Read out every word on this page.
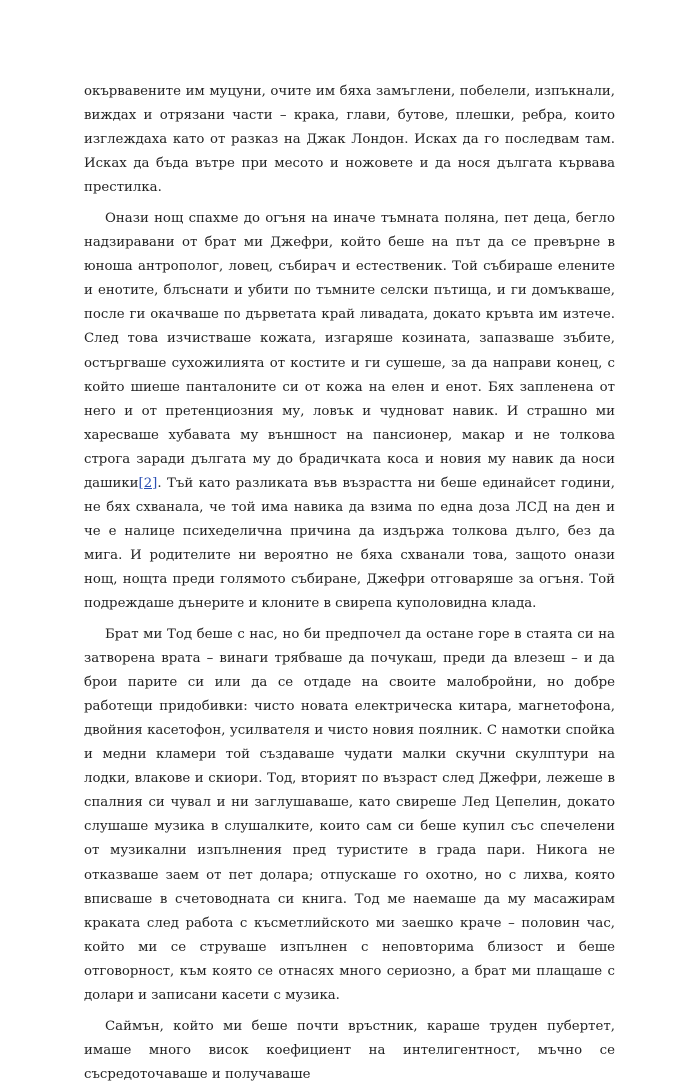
окървавените им муцуни, очите им бяха замъглени, побелели, изпъкнали, виждах и отрязани части – крака, глави, бутове, плешки, ребра, които изглеждаха като от разказ на Джак Лондон. Искаx да го последвам там. Исках да бъда вътре при месото и ножовете и да нося дългата кървава престилка.

Онази нощ спахме до огъня на иначе тъмната поляна, пет деца, бегло надзиравани от брат ми Джефри, който беше на път да се превърне в юноша антрополог, ловец, събирач и естественик. Той събираше елените и енотите, блъснати и убити по тъмните селски пътища, и ги домъкваше, после ги окачваше по дърветата край ливадата, докато кръвта им изтече. След това изчистваше кожата, изгаряше козината, запазваше зъбите, остъргваше сухожилията от костите и ги сушеше, за да направи конец, с който шиеше панталоните си от кожа на елен и енот. Бях запленена от него и от претенциозния му, ловък и чудноват навик. И страшно ми харесваше хубавата му външност на пансионер, макар и не толкова строга заради дългата му до брадичката коса и новия му навик да носи дашики[2]. Тъй като разликата във възрастта ни беше единайсет години, не бях схванала, че той има навика да взима по една доза ЛСД на ден и че е налице психеделична причина да издържа толкова дълго, без да мига. И родителите ни вероятно не бяха схванали това, защото онази нощ, нощта преди голямото събиране, Джефри отговаряше за огъня. Той подреждаше дънерите и клоните в свирепа куполовидна клада.

Брат ми Тод беше с нас, но би предпочел да остане горе в стаята си на затворена врата – винаги трябваше да почукаш, преди да влезеш – и да брои парите си или да се отдаде на своите малобройни, но добре работещи придобивки: чисто новата електрическа китара, магнетофона, двойния касетофон, усилвателя и чисто новия поялник. С намотки спойка и медни кламери той създаваше чудати малки скучни скулптури на лодки, влакове и скиори. Тод, вторият по възраст след Джефри, лежеше в спалния си чувал и ни заглушаваше, като свиреше Лед Цепелин, докато слушаше музика в слушалките, които сам си беше купил със спечелени от музикални изпълнения пред туристите в града пари. Никога не отказваше заем от пет долара; отпускаше го охотно, но с лихва, която вписваше в счетоводната си книга. Тод ме наемаше да му масажирам краката след работа с късметлийското ми заешко краче – половин час, който ми се струваше изпълнен с неповторима близост и беше отговорност, към която се отнасях много сериозно, а брат ми плащаше с долари и записани касети с музика.

Саймън, който ми беше почти връстник, караше труден пубертет, имаше много висок коефициент на интелигентност, мъчно се съсредоточаваше и получаваше
